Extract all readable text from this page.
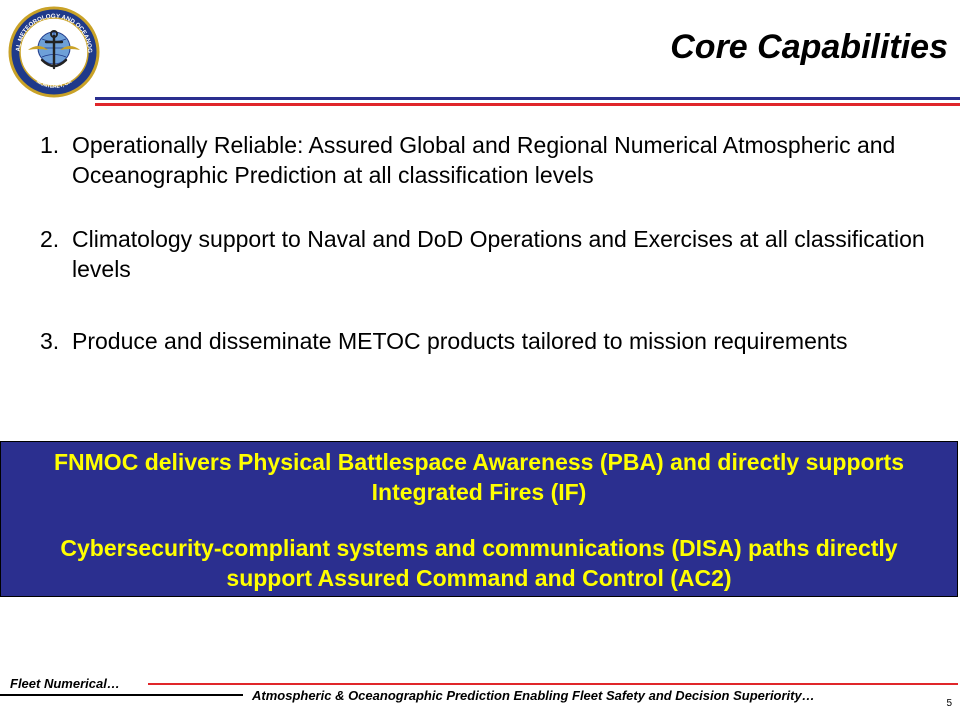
AL METEOROLOGY AND OCEANOG
MONTEREY, CA
Core Capabilities
1. Operationally Reliable: Assured Global and Regional Numerical Atmospheric and Oceanographic Prediction at all classification levels
2. Climatology support to Naval and DoD Operations and Exercises at all classification levels
3. Produce and disseminate METOC products tailored to mission requirements

FNMOC delivers Physical Battlespace Awareness (PBA) and directly supports Integrated Fires (IF)

Cybersecurity-compliant systems and communications (DISA) paths directly support Assured Command and Control (AC2)

Fleet Numerical…
Atmospheric & Oceanographic Prediction Enabling Fleet Safety and Decision Superiority…
5
